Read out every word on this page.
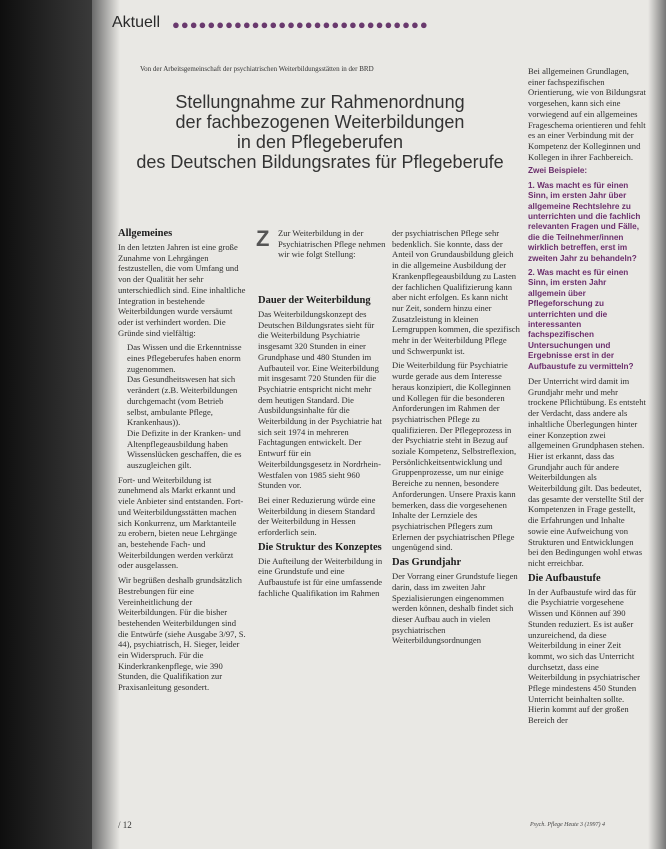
Aktuell ●●●●●●●●●●●●●●●●●●●●●●●●●●●●●
Von der Arbeitsgemeinschaft der psychiatrischen Weiterbildungsstätten in der BRD
Stellungnahme zur Rahmenordnung
der fachbezogenen Weiterbildungen
in den Pflegeberufen
des Deutschen Bildungsrates für Pflegeberufe
Allgemeines

In den letzten Jahren ist eine große Zunahme von Lehrgängen festzustellen, die vom Umfang und von der Qualität her sehr unterschiedlich sind. Eine inhaltliche Integration in bestehende Weiterbildungen wurde versäumt oder ist verhindert worden. Die Gründe sind vielfältig:

• Das Wissen und die Erkenntnisse eines Pflegeberufes haben enorm zugenommen.
• Das Gesundheitswesen hat sich verändert (z.B. Weiterbildungen durchgemacht (vom Betrieb selbst, ambulante Pflege, Krankenhaus)).
• Die Defizite in der Kranken- und Altenpflegeausbildung haben Wissenslücken geschaffen, die es auszugleichen gilt.

Fort- und Weiterbildung ist zunehmend als Markt erkannt und viele Anbieter sind entstanden. Fort- und Weiterbildungsstätten machen sich Konkurrenz, um Marktanteile zu erobern, bieten neue Lehrgänge an, bestehende Fach- und Weiterbildungen werden verkürzt oder ausgelassen.

Wir begrüßen deshalb grundsätzlich Bestrebungen für eine Vereinheitlichung der Weiterbildungen. Für die bisher bestehenden Weiterbildungen sind die Entwürfe (siehe Ausgabe 3/97, S. 44), psychiatrisch, H. Sieger, leider ein Widerspruch. Für die Kinderkrankenpflege, wie 390 Stunden, die Qualifikation zur Praxisanleitung gesondert.

Z Zur Weiterbildung in der Psychiatrischen Pflege nehmen wir wie folgt Stellung:
Dauer der Weiterbildung

Das Weiterbildungskonzept des Deutschen Bildungsrates sieht für die Weiterbildung Psychiatrie insgesamt 320 Stunden in einer Grundphase und 480 Stunden im Aufbauteil vor. Eine Weiterbildung mit insgesamt 720 Stunden für die Psychiatrie entspricht nicht mehr dem heutigen Standard. Die Ausbildungsinhalte für die Weiterbildung in der Psychiatrie hat sich seit 1974 in mehreren Fachtagungen entwickelt. Der Entwurf für ein Weiterbildungsgesetz in Nordrhein-Westfalen von 1985 sieht 960 Stunden vor.

Bei einer Reduzierung würde eine Weiterbildung in diesem Standard der Weiterbildung in Hessen erforderlich sein.

Die Struktur des Konzeptes

Die Aufteilung der Weiterbildung in eine Grundstufe und eine Aufbaustufe ist für eine umfassende fachliche Qualifikation im Rahmen

der psychiatrischen Pflege sehr bedenklich. Sie konnte, dass der Anteil von Grundausbildung gleich in die allgemeine Ausbildung der Krankenpflegeausbildung zu Lasten der fachlichen Qualifizierung kann aber nicht erfolgen. Es kann nicht nur Zeit, sondern hinzu einer Zusatzleistung in kleinen Lerngruppen kommen, die spezifisch mehr in der Weiterbildung Pflege und Schwerpunkt ist.

Die Weiterbildung für Psychiatrie wurde gerade aus dem Interesse heraus konzipiert, die Kolleginnen und Kollegen für die besonderen Anforderungen im Rahmen der psychiatrischen Pflege zu qualifizieren. Der Pflegeprozess in der Psychiatrie steht in Bezug auf soziale Kompetenz, Selbstreflexion, Persönlichkeitsentwicklung und Gruppenprozesse, um nur einige Bereiche zu nennen, besondere Anforderungen. Unsere Praxis kann bemerken, dass die vorgesehenen Inhalte der Lernziele des psychiatrischen Pflegers zum Erlernen der psychiatrischen Pflege ungenügend sind.

Das Grundjahr

Der Vorrang einer Grundstufe liegen darin, dass im zweiten Jahr Spezialisierungen eingenommen werden können, deshalb findet sich dieser Aufbau auch in vielen psychiatrischen Weiterbildungsordnungen

Bei allgemeinen Grundlagen, einer fachspezifischen Orientierung, wie von Bildungsrat vorgesehen, kann sich eine vorwiegend auf ein allgemeines Frageschema orientieren und fehlt es an einer Verbindung mit der Kompetenz der Kolleginnen und Kollegen in ihrer Fachbereich.

Zwei Beispiele:

1. Was macht es für einen Sinn, im ersten Jahr über allgemeine Rechtslehre zu unterrichten und die fachlich relevanten Fragen und Fälle, die die Teilnehmer/innen wirklich betreffen, erst im zweiten Jahr zu behandeln?

2. Was macht es für einen Sinn, im ersten Jahr allgemein über Pflegeforschung zu unterrichten und die interessanten fachspezifischen Untersuchungen und Ergebnisse erst in der Aufbaustufe zu vermitteln?

Der Unterricht wird damit im Grundjahr mehr und mehr trockene Pflichtübung. Es entsteht der Verdacht, dass andere als inhaltliche Überlegungen hinter einer Konzeption zwei allgemeinen Grundphasen stehen. Hier ist erkannt, dass das Grundjahr auch für andere Weiterbildungen als Weiterbildung gilt. Das bedeutet, das gesamte der verstellte Stil der Kompetenzen in Frage gestellt, die Erfahrungen und Inhalte sowie eine Aufweichung von Strukturen und Entwicklungen bei den Bedingungen wohl etwas nicht erreichbar.

Die Aufbaustufe

In der Aufbaustufe wird das für die Psychiatrie vorgesehene Wissen und Können auf 390 Stunden reduziert. Es ist außer unzureichend, da diese Weiterbildung in einer Zeit kommt, wo sich das Unterricht durchsetzt, dass eine Weiterbildung in psychiatrischer Pflege mindestens 450 Stunden Unterricht beinhalten sollte. Hierin kommt auf der großen Bereich der

/ 12	Psych. Pflege Heute 3 (1997) 4
